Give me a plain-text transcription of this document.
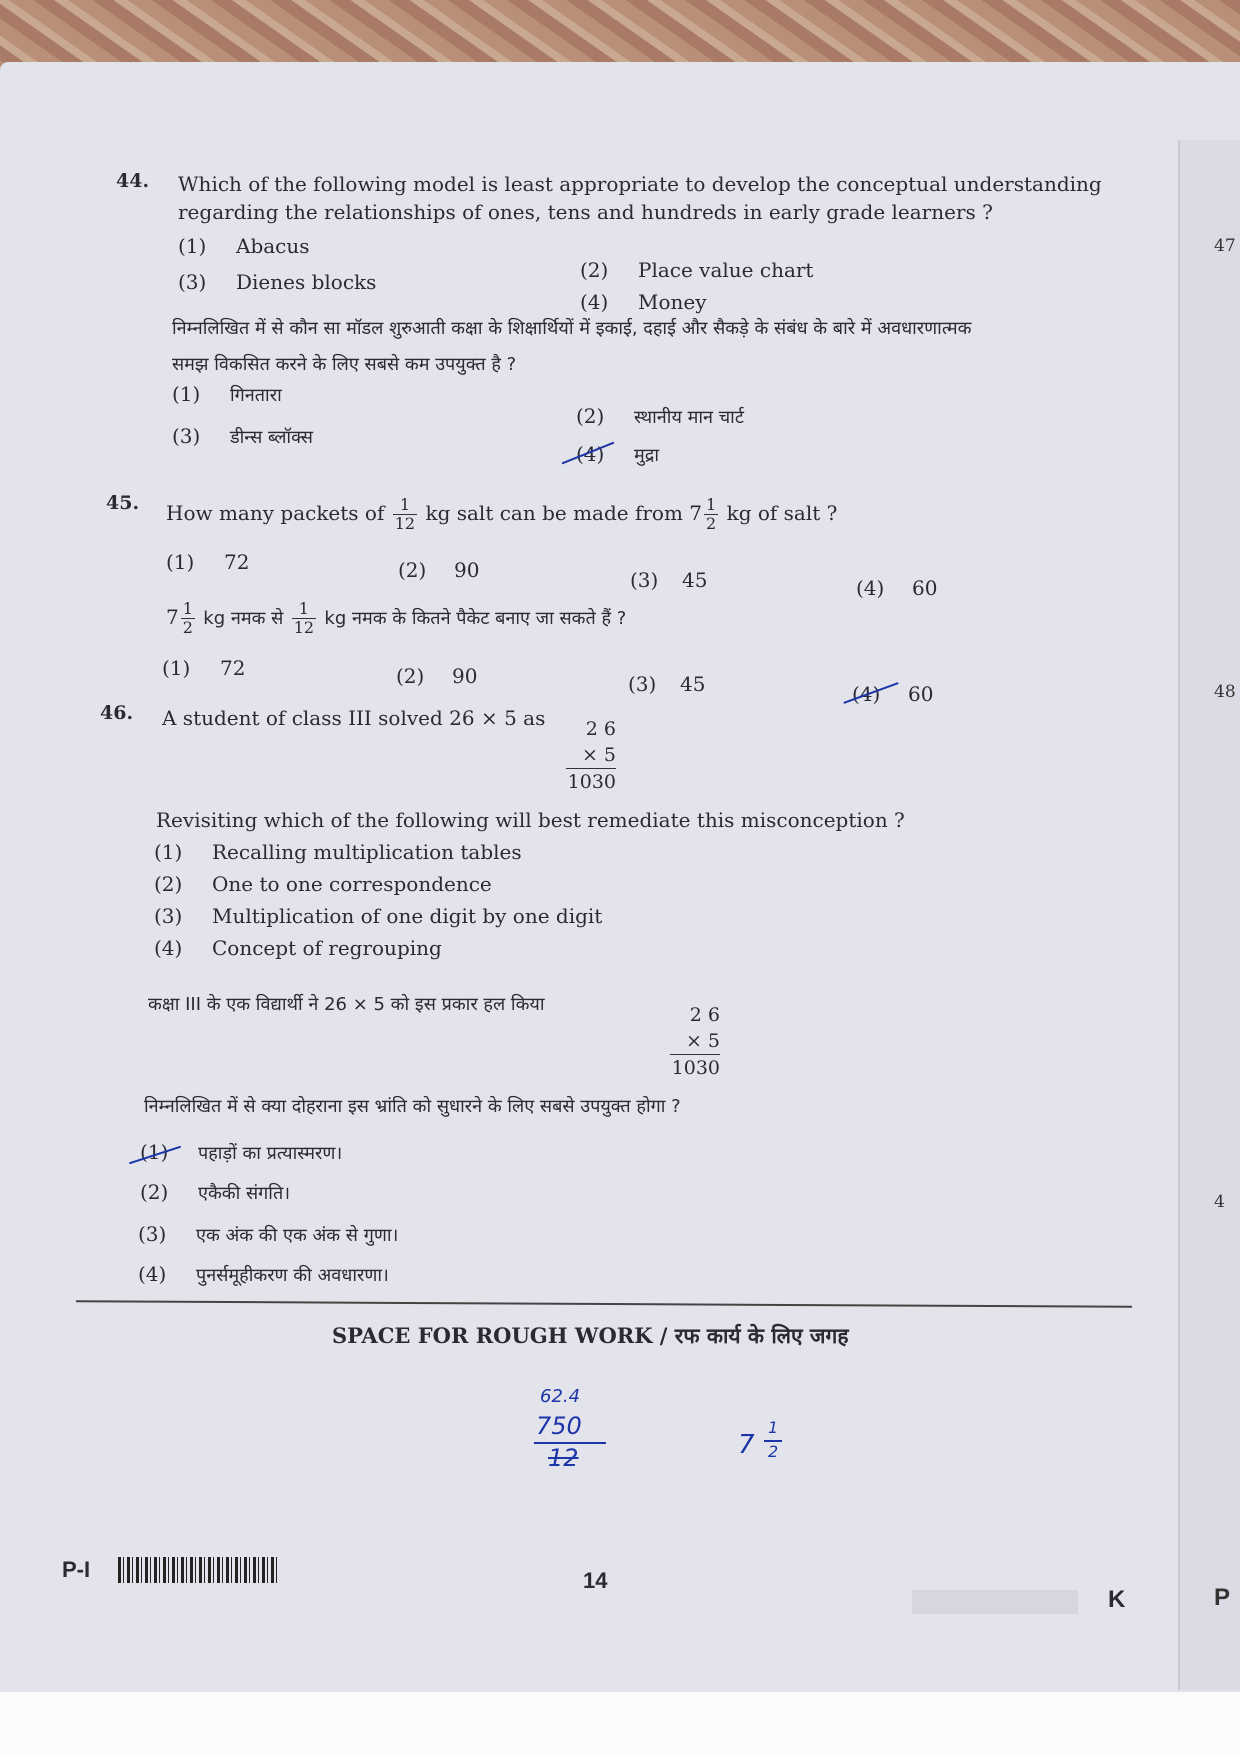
47
48
4
P
44. Which of the following model is least appropriate to develop the conceptual understanding
regarding the relationships of ones, tens and hundreds in early grade learners ?
(1) Abacus
(2) Place value chart
(3) Dienes blocks
(4) Money
निम्नलिखित में से कौन सा मॉडल शुरुआती कक्षा के शिक्षार्थियों में इकाई, दहाई और सैकड़े के संबंध के बारे में अवधारणात्मक
समझ विकसित करने के लिए सबसे कम उपयुक्त है ?
(1) गिनतारा
(2) स्थानीय मान चार्ट
(3) डीन्स ब्लॉक्स
(4) मुद्रा
45. How many packets of $\frac{1}{12}$ kg salt can be made from $7 \frac{1}{2}$ kg of salt ?
(1) 72	(2) 90	(3) 45	(4) 60
$7 \frac{1}{2}$ kg नमक से $\frac{1}{12}$ kg नमक के कितने पैकेट बनाए जा सकते हैं ?
(1) 72	(2) 90	(3) 45	(4) 60
46. A student of class III solved 26 × 5 as	2 6
× 5
1030
Revisiting which of the following will best remediate this misconception ?
(1) Recalling multiplication tables
(2) One to one correspondence
(3) Multiplication of one digit by one digit
(4) Concept of regrouping
कक्षा III के एक विद्यार्थी ने 26 × 5 को इस प्रकार हल किया	2 6
× 5
1030
निम्नलिखित में से क्या दोहराना इस भ्रांति को सुधारने के लिए सबसे उपयुक्त होगा ?
(1) पहाड़ों का प्रत्यास्मरण।
(2) एकैकी संगति।
(3) एक अंक की एक अंक से गुणा।
(4) पुनर्समूहीकरण की अवधारणा।
SPACE FOR ROUGH WORK / रफ कार्य के लिए जगह
62.4
750
12	7
1
2
P-I	14
K
